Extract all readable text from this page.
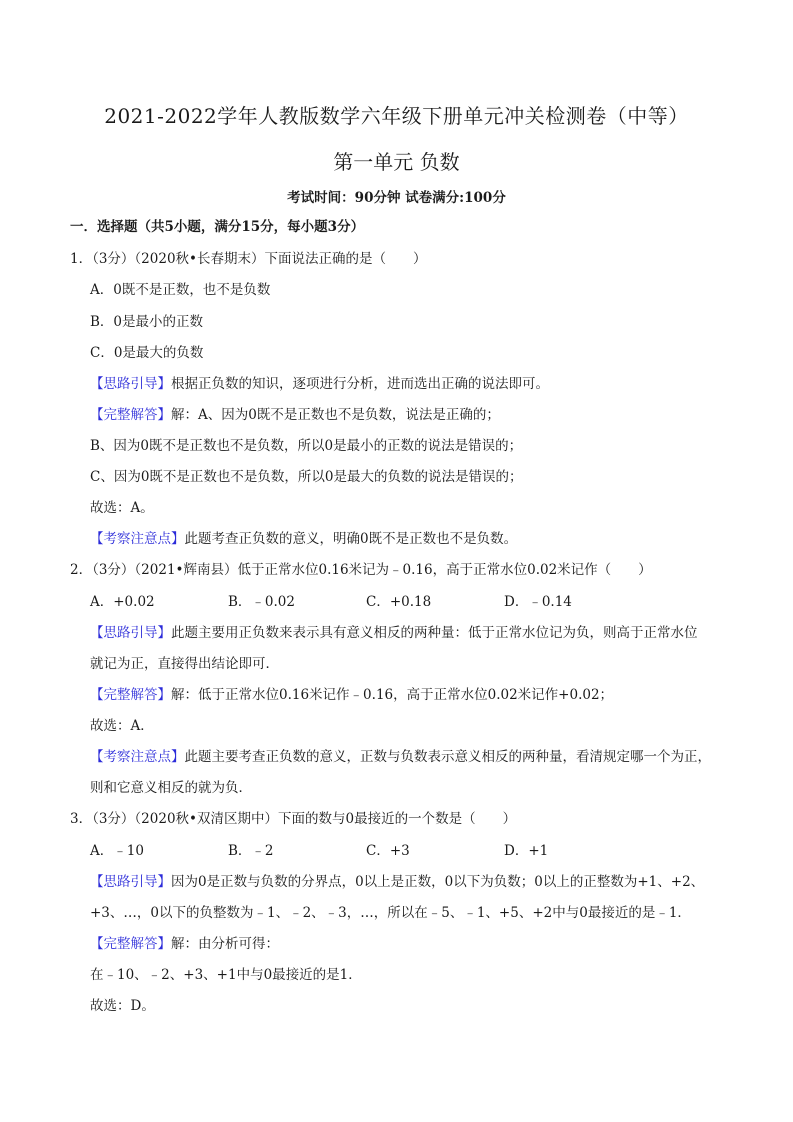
2021-2022学年人教版数学六年级下册单元冲关检测卷（中等）
第一单元 负数
考试时间：90分钟 试卷满分:100分
一．选择题（共5小题，满分15分，每小题3分）
1．（3分）（2020秋•长春期末）下面说法正确的是（　　）
A．0既不是正数，也不是负数
B．0是最小的正数
C．0是最大的负数
【思路引导】根据正负数的知识，逐项进行分析，进而选出正确的说法即可。
【完整解答】解：A、因为0既不是正数也不是负数，说法是正确的；
B、因为0既不是正数也不是负数，所以0是最小的正数的说法是错误的；
C、因为0既不是正数也不是负数，所以0是最大的负数的说法是错误的；
故选：A。
【考察注意点】此题考查正负数的意义，明确0既不是正数也不是负数。
2．（3分）（2021•辉南县）低于正常水位0.16米记为﹣0.16，高于正常水位0.02米记作（　　）
A．+0.02	B．﹣0.02	C．+0.18	D．﹣0.14
【思路引导】此题主要用正负数来表示具有意义相反的两种量：低于正常水位记为负，则高于正常水位
就记为正，直接得出结论即可．
【完整解答】解：低于正常水位0.16米记作﹣0.16，高于正常水位0.02米记作+0.02；
故选：A．
【考察注意点】此题主要考查正负数的意义，正数与负数表示意义相反的两种量，看清规定哪一个为正，
则和它意义相反的就为负．
3．（3分）（2020秋•双清区期中）下面的数与0最接近的一个数是（　　）
A．﹣10	B．﹣2	C．+3	D．+1
【思路引导】因为0是正数与负数的分界点，0以上是正数，0以下为负数；0以上的正整数为+1、+2、
+3、…，0以下的负整数为﹣1、﹣2、﹣3，…，所以在﹣5、﹣1、+5、+2中与0最接近的是﹣1．
【完整解答】解：由分析可得：
在﹣10、﹣2、+3、+1中与0最接近的是1．
故选：D。
